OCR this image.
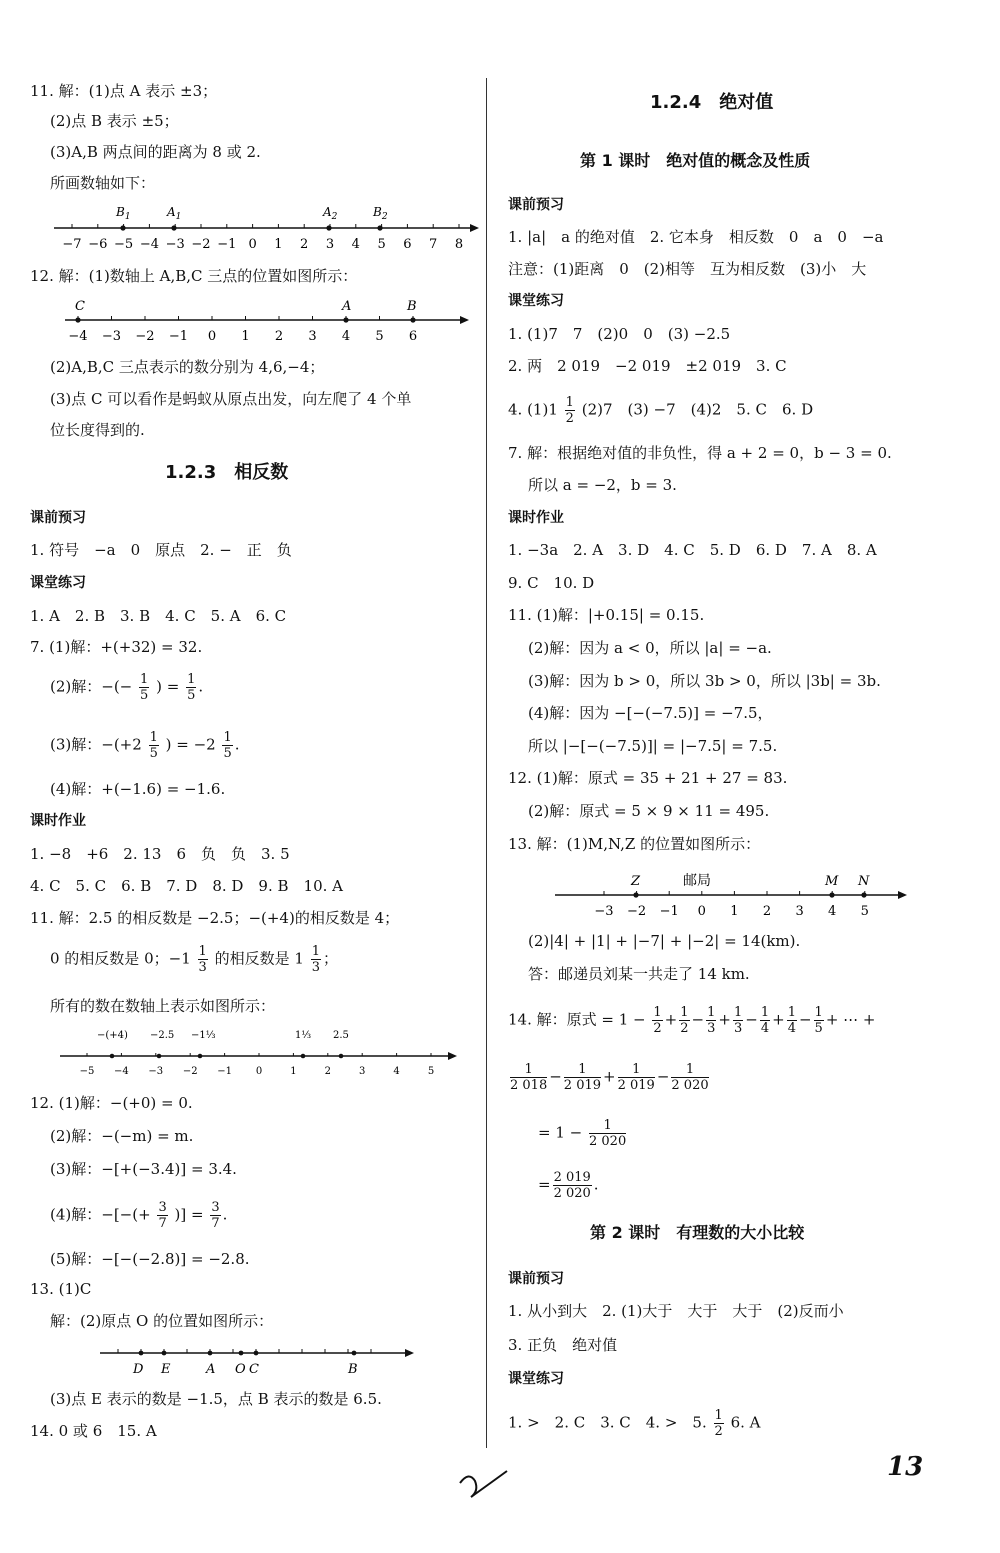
11. 解：(1)点 A 表示 ±3；
(2)点 B 表示 ±5；
(3)A,B 两点间的距离为 8 或 2.
所画数轴如下：
−7 −6 −5 −4 −3 −2 −1 0 1 2 3 4 5 6 7 8
$B_1$	$A_1$	$A_2$	$B_2$
12. 解：(1)数轴上 A,B,C 三点的位置如图所示：
−4 −3 −2 −1 0 1 2 3 4 5 6
C	A	B
(2)A,B,C 三点表示的数分别为 4,6,−4；
(3)点 C 可以看作是蚂蚁从原点出发，向左爬了 4 个单
位长度得到的.
1.2.3　相反数
课前预习
1. 符号　−a　0　原点　2. −　正　负
课堂练习
1. A　2. B　3. B　4. C　5. A　6. C
7. (1)解：+(+32) = 32.
(2)解：−(− $\frac{1}{5}$ ) = $\frac{1}{5}$ .
(3)解：$-(+2 \frac{1}{5}$ ) = $-2 \frac{1}{5}$ .
(4)解：+(−1.6) = −1.6.
课时作业
1. −8　+6　2. 13　6　负　负　3. 5
4. C　5. C　6. B　7. D　8. D　9. B　10. A
11. 解：2.5 的相反数是 −2.5；−(+4)的相反数是 4；
0 的相反数是 0；$-1 \frac{1}{3}$ 的相反数是 $1 \frac{1}{3}$ ；
所有的数在数轴上表示如图所示：
−5 −4 −3 −2 −1 0	1	2	3	4	5
−(+4) −2.5 −1⅓	1⅓ 2.5
12. (1)解：−(+0) = 0.
(2)解：−(−m) = m.
(3)解：−[+(−3.4)] = 3.4.
(4)解：−[−(+ $\frac{3}{7}$ )] = $\frac{3}{7}$ .
(5)解：−[−(−2.8)] = −2.8.
13. (1)C
解：(2)原点 O 的位置如图所示：
D E	A O C	B
(3)点 E 表示的数是 −1.5，点 B 表示的数是 6.5.
14. 0 或 6　15. A
1.2.4　绝对值
第 1 课时　绝对值的概念及性质
课前预习
1. |a|　a 的绝对值　2. 它本身　相反数　0　a　0　−a
注意：(1)距离　0　(2)相等　互为相反数　(3)小　大
课堂练习
1. (1)7　7　(2)0　0　(3) −2.5
2. 两　2 019　−2 019　±2 019　3. C
4. $(1)1 \frac{1}{2} (2)7$　(3) −7　(4)2　5. C　6. D
7. 解：根据绝对值的非负性，得 a + 2 = 0，b − 3 = 0.
所以 a = −2，b = 3.
课时作业
1. −3a　2. A　3. D　4. C　5. D　6. D　7. A　8. A
9. C　10. D
11. (1)解：|+0.15| = 0.15.
(2)解：因为 a < 0，所以 |a| = −a.
(3)解：因为 b > 0，所以 3b > 0，所以 |3b| = 3b.
(4)解：因为 −[−(−7.5)] = −7.5，
所以 |−[−(−7.5)]| = |−7.5| = 7.5.
12. (1)解：原式 = 35 + 21 + 27 = 83.
(2)解：原式 = 5 × 9 × 11 = 495.
13. 解：(1)M,N,Z 的位置如图所示：
−3 −2 −1 0 1 2 3 4 5
Z	邮局	M N
(2)|4| + |1| + |−7| + |−2| = 14(km).
答：邮递员刘某一共走了 14 km.
14. 解：原式 = $1 - \frac{1}{2} + \frac{1}{2} - \frac{1}{3} + \frac{1}{3} - \frac{1}{4} + \frac{1}{4} - \frac{1}{5}$ + ⋯ +
$\frac{1}{2 018} - \frac{1}{2 019} + \frac{1}{2 019} - \frac{1}{2 020}$
= $1 - \frac{1}{2 020}$
= $\frac{2 019}{2 020}$ .
第 2 课时　有理数的大小比较
课前预习
1. 从小到大　2. (1)大于　大于　大于　(2)反而小
3. 正负　绝对值
课堂练习
1. >　2. C　3. C　4. >　5. $\frac{1}{2} 6$. A
13
